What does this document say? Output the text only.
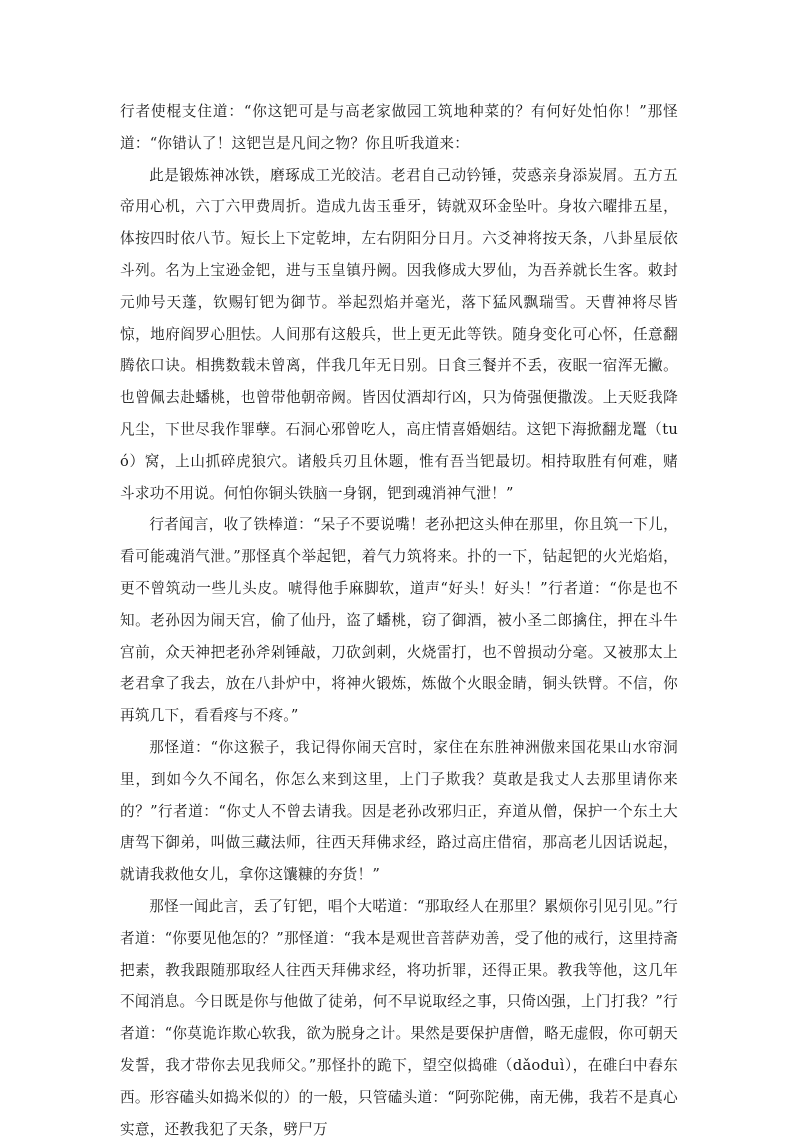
行者使棍支住道：“你这钯可是与高老家做园工筑地种菜的？有何好处怕你！”那怪道：“你错认了！这钯岂是凡间之物？你且听我道来：

此是锻炼神冰铁，磨琢成工光皎洁。老君自己动钤锤，荧惑亲身添炭屑。五方五帝用心机，六丁六甲费周折。造成九齿玉垂牙，铸就双环金坠叶。身妆六曜排五星，体按四时依八节。短长上下定乾坤，左右阴阳分日月。六爻神将按天条，八卦星辰依斗列。名为上宝逊金钯，进与玉皇镇丹阙。因我修成大罗仙，为吾养就长生客。敕封元帅号天蓬，钦赐钉钯为御节。举起烈焰并毫光，落下猛风飘瑞雪。天曹神将尽皆惊，地府阎罗心胆怯。人间那有这般兵，世上更无此等铁。随身变化可心怀，任意翻腾依口诀。相携数载未曾离，伴我几年无日别。日食三餐并不丢，夜眠一宿浑无撇。也曾佩去赴蟠桃，也曾带他朝帝阙。皆因仗酒却行凶，只为倚强便撒泼。上天贬我降凡尘，下世尽我作罪孽。石洞心邪曾吃人，高庄情喜婚姻结。这钯下海掀翻龙鼍（tuó）窝，上山抓碎虎狼穴。诸般兵刃且休题，惟有吾当钯最切。相持取胜有何难，赌斗求功不用说。何怕你铜头铁脑一身钢，钯到魂消神气泄！”

行者闻言，收了铁棒道：“呆子不要说嘴！老孙把这头伸在那里，你且筑一下儿，看可能魂消气泄。”那怪真个举起钯，着气力筑将来。扑的一下，钻起钯的火光焰焰，更不曾筑动一些儿头皮。唬得他手麻脚软，道声“好头！好头！”行者道：“你是也不知。老孙因为闹天宫，偷了仙丹，盗了蟠桃，窃了御酒，被小圣二郎擒住，押在斗牛宫前，众天神把老孙斧剁锤敲，刀砍剑刺，火烧雷打，也不曾损动分毫。又被那太上老君拿了我去，放在八卦炉中，将神火锻炼，炼做个火眼金睛，铜头铁臂。不信，你再筑几下，看看疼与不疼。”

那怪道：“你这猴子，我记得你闹天宫时，家住在东胜神洲傲来国花果山水帘洞里，到如今久不闻名，你怎么来到这里，上门子欺我？莫敢是我丈人去那里请你来的？”行者道：“你丈人不曾去请我。因是老孙改邪归正，弃道从僧，保护一个东土大唐驾下御弟，叫做三藏法师，往西天拜佛求经，路过高庄借宿，那高老儿因话说起，就请我救他女儿，拿你这馕糠的夯货！”

那怪一闻此言，丢了钉钯，唱个大喏道：“那取经人在那里？累烦你引见引见。”行者道：“你要见他怎的？”那怪道：“我本是观世音菩萨劝善，受了他的戒行，这里持斋把素，教我跟随那取经人往西天拜佛求经，将功折罪，还得正果。教我等他，这几年不闻消息。今日既是你与他做了徒弟，何不早说取经之事，只倚凶强，上门打我？”行者道：“你莫诡诈欺心软我，欲为脱身之计。果然是要保护唐僧，略无虚假，你可朝天发誓，我才带你去见我师父。”那怪扑的跪下，望空似捣碓（dǎoduì），在碓臼中舂东西。形容磕头如捣米似的）的一般，只管磕头道：“阿弥陀佛，南无佛，我若不是真心实意，还教我犯了天条，劈尸万
